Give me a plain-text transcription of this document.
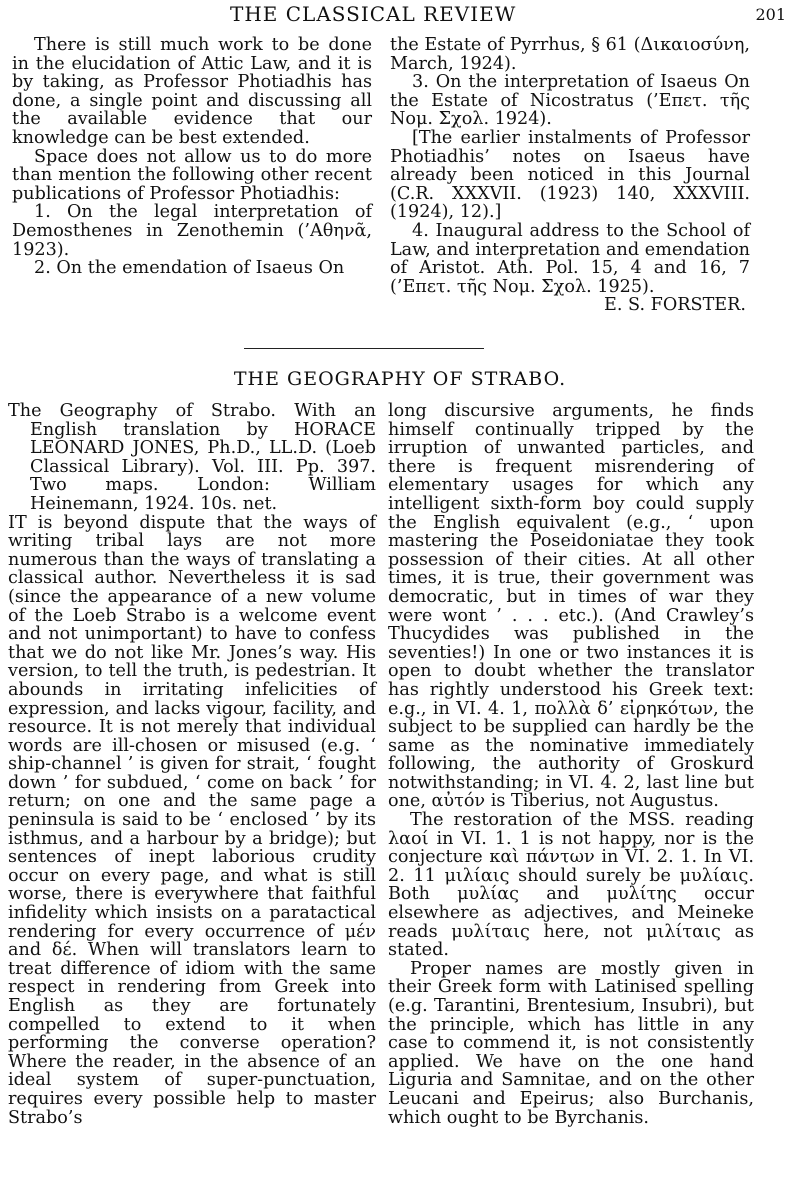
THE CLASSICAL REVIEW	201

There is still much work to be done in the elucidation of Attic Law, and it is by taking, as Professor Photiadhis has done, a single point and discussing all the available evidence that our knowledge can be best extended.

Space does not allow us to do more than mention the following other recent publications of Professor Photiadhis:

1. On the legal interpretation of Demosthenes in Zenothemin (’Αθηνᾶ, 1923).

2. On the emendation of Isaeus On

the Estate of Pyrrhus, § 61 (Δικαιοσύνη, March, 1924).

3. On the interpretation of Isaeus On the Estate of Nicostratus (’Επετ. τῆς Νομ. Σχολ. 1924).

[The earlier instalments of Professor Photiadhis’ notes on Isaeus have already been noticed in this Journal (C.R. XXXVII. (1923) 140, XXXVIII. (1924), 12).]

4. Inaugural address to the School of Law, and interpretation and emendation of Aristot. Ath. Pol. 15, 4 and 16, 7 (’Επετ. τῆς Νομ. Σχολ. 1925).

E. S. FORSTER.

THE GEOGRAPHY OF STRABO.

The Geography of Strabo. With an English translation by HORACE LEONARD JONES, Ph.D., LL.D. (Loeb Classical Library). Vol. III. Pp. 397. Two maps. London: William Heinemann, 1924. 10s. net.

IT is beyond dispute that the ways of writing tribal lays are not more numerous than the ways of translating a classical author. Nevertheless it is sad (since the appearance of a new volume of the Loeb Strabo is a welcome event and not unimportant) to have to confess that we do not like Mr. Jones’s way. His version, to tell the truth, is pedestrian. It abounds in irritating infelicities of expression, and lacks vigour, facility, and resource. It is not merely that individual words are ill-chosen or misused (e.g. ‘ ship-channel ’ is given for strait, ‘ fought down ’ for subdued, ‘ come on back ’ for return; on one and the same page a peninsula is said to be ‘ enclosed ’ by its isthmus, and a harbour by a bridge); but sentences of inept laborious crudity occur on every page, and what is still worse, there is everywhere that faithful infidelity which insists on a paratactical rendering for every occurrence of μέν and δέ. When will translators learn to treat difference of idiom with the same respect in rendering from Greek into English as they are fortunately compelled to extend to it when performing the converse operation? Where the reader, in the absence of an ideal system of super-punctuation, requires every possible help to master Strabo’s

long discursive arguments, he finds himself continually tripped by the irruption of unwanted particles, and there is frequent misrendering of elementary usages for which any intelligent sixth-form boy could supply the English equivalent (e.g., ‘ upon mastering the Poseidoniatae they took possession of their cities. At all other times, it is true, their government was democratic, but in times of war they were wont ’ . . . etc.). (And Crawley’s Thucydides was published in the seventies!) In one or two instances it is open to doubt whether the translator has rightly understood his Greek text: e.g., in VI. 4. 1, πολλὰ δ’ εἰρηκότων, the subject to be supplied can hardly be the same as the nominative immediately following, the authority of Groskurd notwithstanding; in VI. 4. 2, last line but one, αὐτόν is Tiberius, not Augustus.

The restoration of the MSS. reading λαοί in VI. 1. 1 is not happy, nor is the conjecture καὶ πάντων in VI. 2. 1. In VI. 2. 11 μιλίαις should surely be μυλίαις. Both μυλίας and μυλίτης occur elsewhere as adjectives, and Meineke reads μυλίταις here, not μιλίταις as stated.

Proper names are mostly given in their Greek form with Latinised spelling (e.g. Tarantini, Brentesium, Insubri), but the principle, which has little in any case to commend it, is not consistently applied. We have on the one hand Liguria and Samnitae, and on the other Leucani and Epeirus; also Burchanis, which ought to be Byrchanis.
